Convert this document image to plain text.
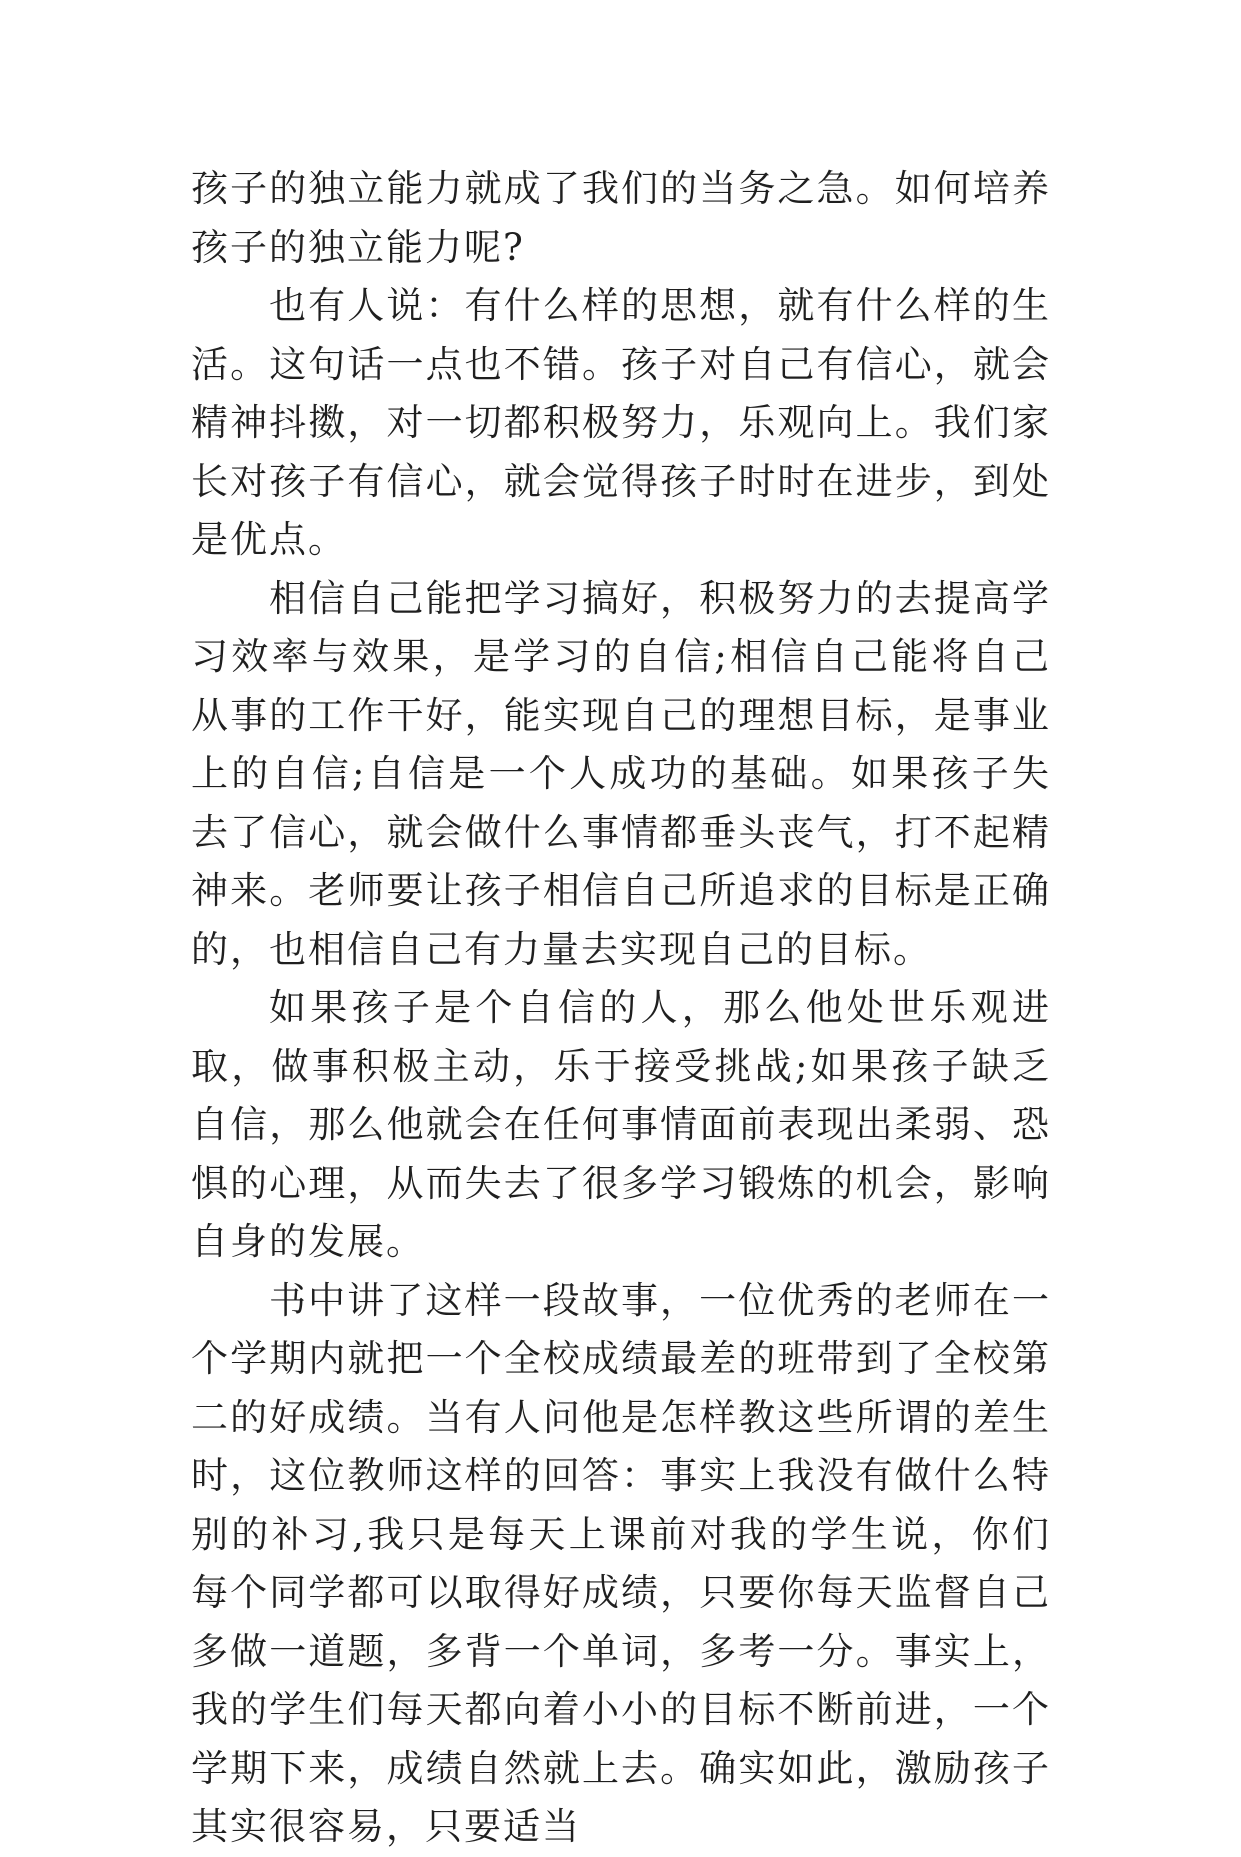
孩子的独立能力就成了我们的当务之急。如何培养孩子的独立能力呢?

也有人说：有什么样的思想，就有什么样的生活。这句话一点也不错。孩子对自己有信心，就会精神抖擞，对一切都积极努力，乐观向上。我们家长对孩子有信心，就会觉得孩子时时在进步，到处是优点。

相信自己能把学习搞好，积极努力的去提高学习效率与效果，是学习的自信;相信自己能将自己从事的工作干好，能实现自己的理想目标，是事业上的自信;自信是一个人成功的基础。如果孩子失去了信心，就会做什么事情都垂头丧气，打不起精神来。老师要让孩子相信自己所追求的目标是正确的，也相信自己有力量去实现自己的目标。

如果孩子是个自信的人，那么他处世乐观进取，做事积极主动，乐于接受挑战;如果孩子缺乏自信，那么他就会在任何事情面前表现出柔弱、恐惧的心理，从而失去了很多学习锻炼的机会，影响自身的发展。

书中讲了这样一段故事，一位优秀的老师在一个学期内就把一个全校成绩最差的班带到了全校第二的好成绩。当有人问他是怎样教这些所谓的差生时，这位教师这样的回答：事实上我没有做什么特别的补习,我只是每天上课前对我的学生说，你们每个同学都可以取得好成绩，只要你每天监督自己多做一道题，多背一个单词，多考一分。事实上，我的学生们每天都向着小小的目标不断前进，一个学期下来，成绩自然就上去。确实如此，激励孩子其实很容易，只要适当
